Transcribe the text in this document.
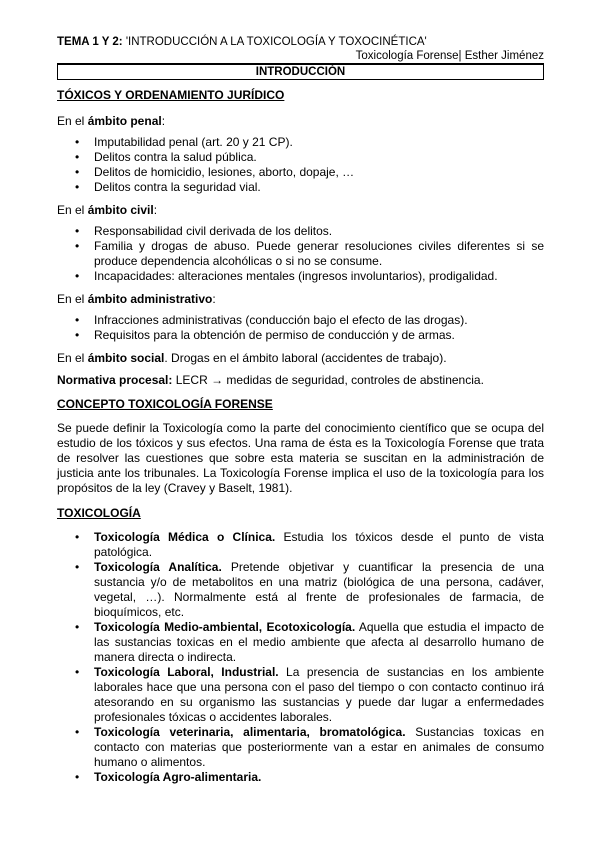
TEMA 1 Y 2: 'INTRODUCCIÓN A LA TOXICOLOGÍA Y TOXOCINÉTICA'
Toxicología Forense| Esther Jiménez
INTRODUCCIÓN
TÓXICOS Y ORDENAMIENTO JURÍDICO
En el ámbito penal:
• Imputabilidad penal (art. 20 y 21 CP).
• Delitos contra la salud pública.
• Delitos de homicidio, lesiones, aborto, dopaje, …
• Delitos contra la seguridad vial.
En el ámbito civil:
• Responsabilidad civil derivada de los delitos.
• Familia y drogas de abuso. Puede generar resoluciones civiles diferentes si se produce dependencia alcohólicas o si no se consume.
• Incapacidades: alteraciones mentales (ingresos involuntarios), prodigalidad.
En el ámbito administrativo:
• Infracciones administrativas (conducción bajo el efecto de las drogas).
• Requisitos para la obtención de permiso de conducción y de armas.
En el ámbito social. Drogas en el ámbito laboral (accidentes de trabajo).
Normativa procesal: LECR → medidas de seguridad, controles de abstinencia.
CONCEPTO TOXICOLOGÍA FORENSE
Se puede definir la Toxicología como la parte del conocimiento científico que se ocupa del estudio de los tóxicos y sus efectos. Una rama de ésta es la Toxicología Forense que trata de resolver las cuestiones que sobre esta materia se suscitan en la administración de justicia ante los tribunales. La Toxicología Forense implica el uso de la toxicología para los propósitos de la ley (Cravey y Baselt, 1981).
TOXICOLOGÍA
• Toxicología Médica o Clínica. Estudia los tóxicos desde el punto de vista patológica.
• Toxicología Analítica. Pretende objetivar y cuantificar la presencia de una sustancia y/o de metabolitos en una matriz (biológica de una persona, cadáver, vegetal, …). Normalmente está al frente de profesionales de farmacia, de bioquímicos, etc.
• Toxicología Medio-ambiental, Ecotoxicología. Aquella que estudia el impacto de las sustancias toxicas en el medio ambiente que afecta al desarrollo humano de manera directa o indirecta.
• Toxicología Laboral, Industrial. La presencia de sustancias en los ambiente laborales hace que una persona con el paso del tiempo o con contacto continuo irá atesorando en su organismo las sustancias y puede dar lugar a enfermedades profesionales tóxicas o accidentes laborales.
• Toxicología veterinaria, alimentaria, bromatológica. Sustancias toxicas en contacto con materias que posteriormente van a estar en animales de consumo humano o alimentos.
• Toxicología Agro-alimentaria.
